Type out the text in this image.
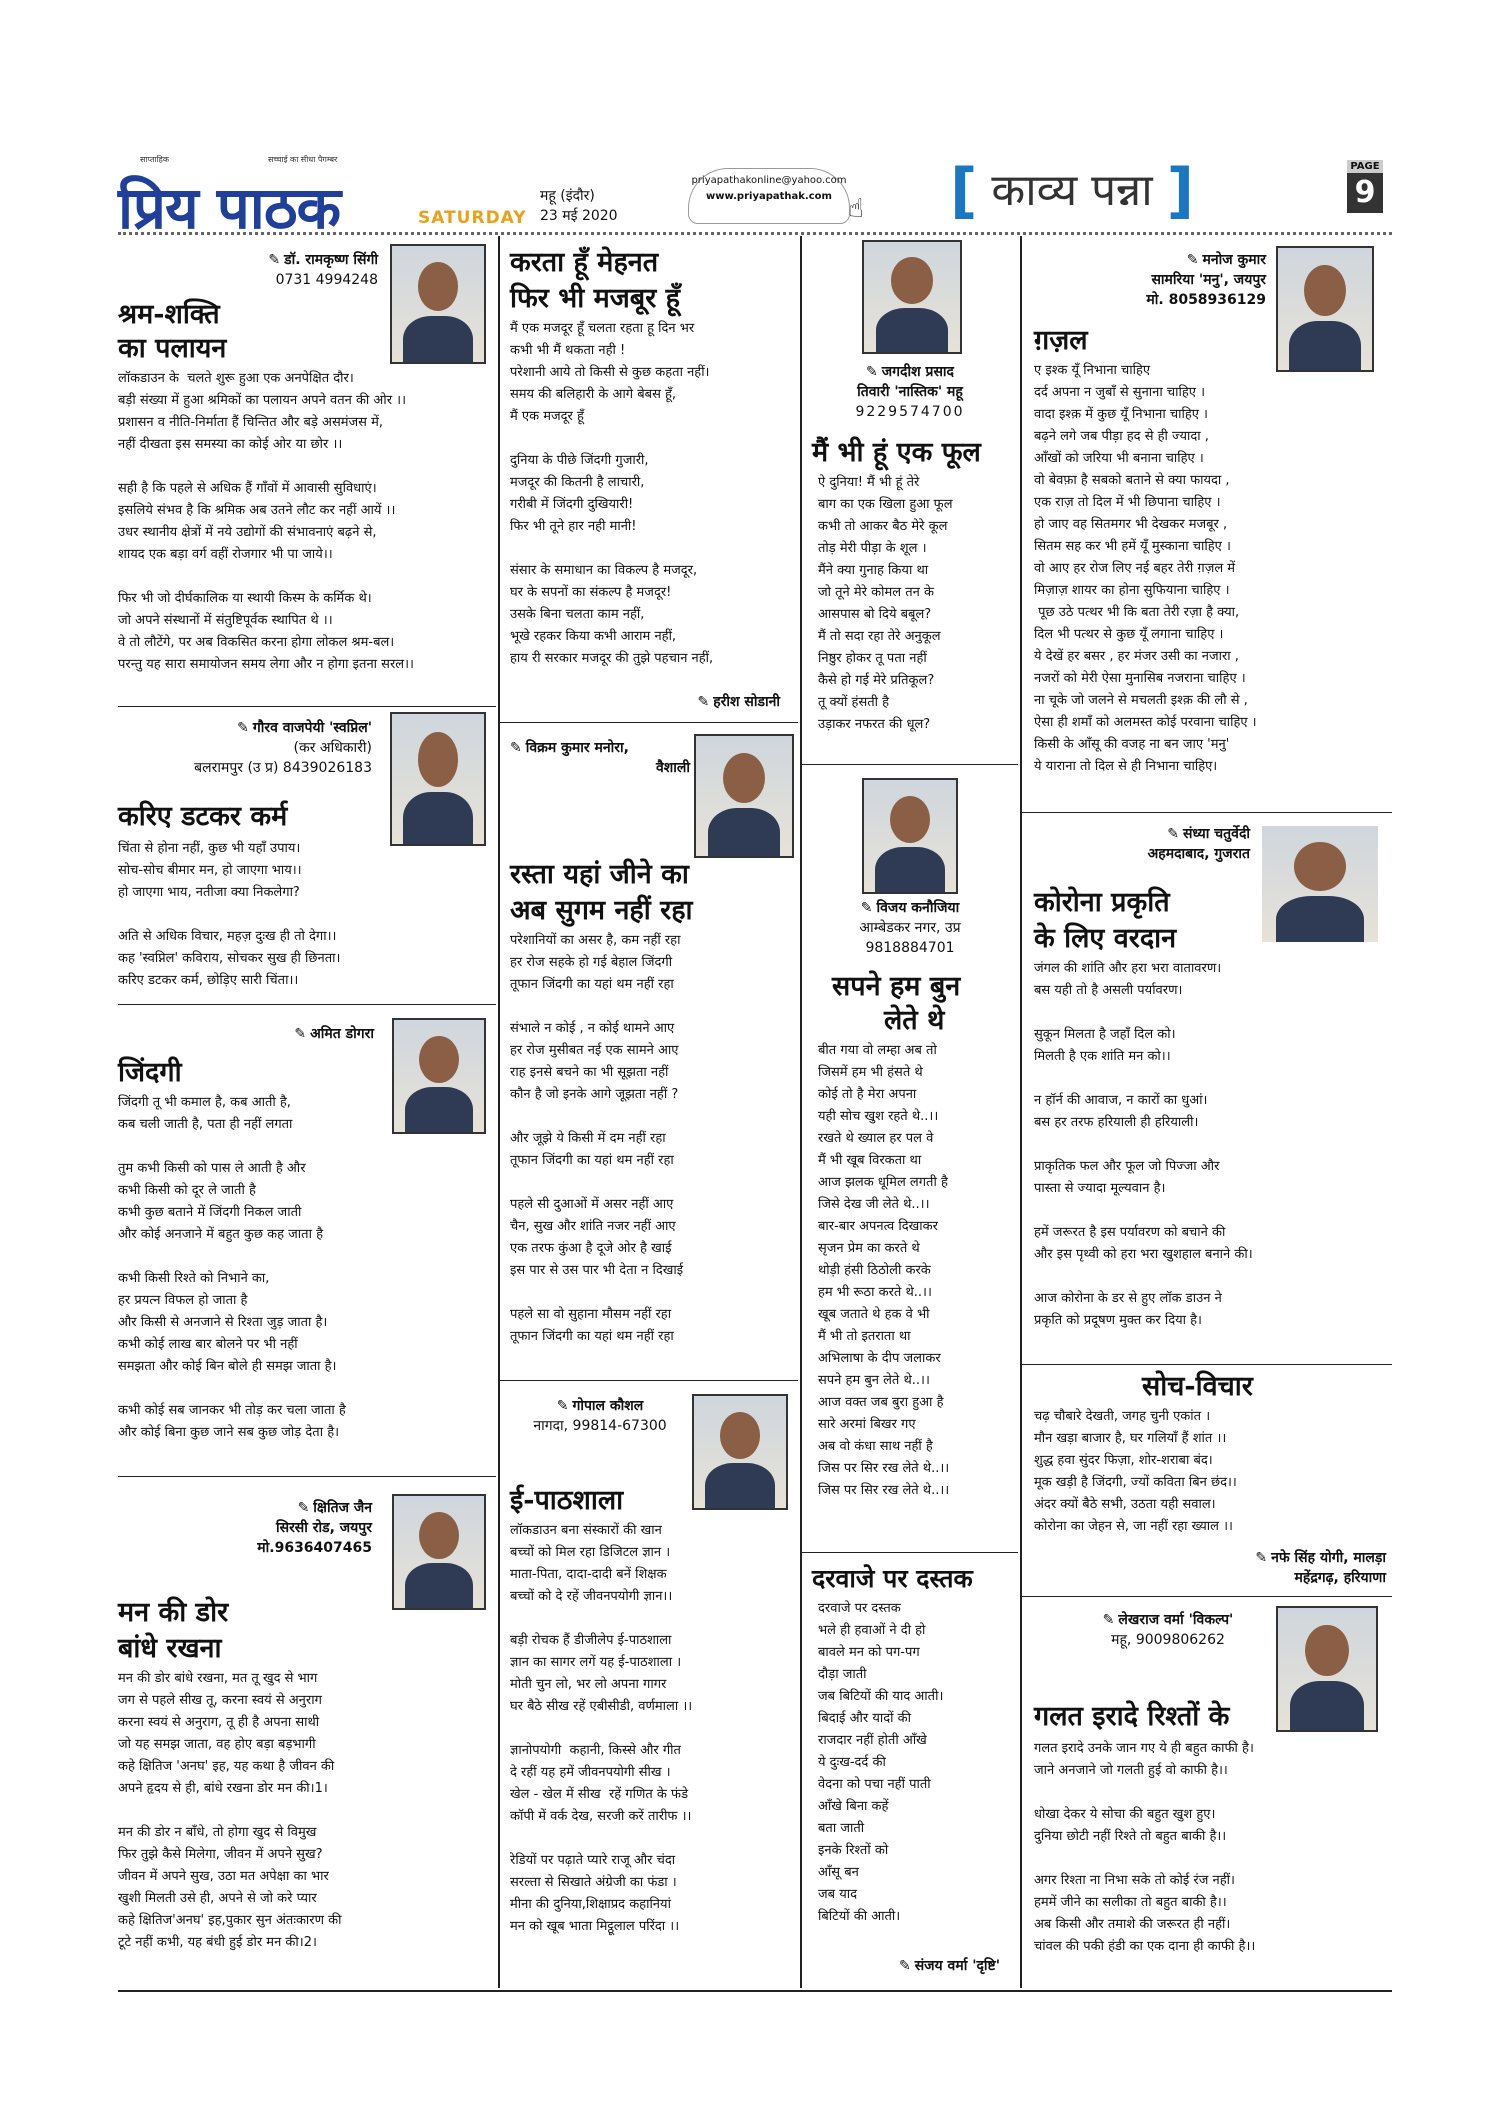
साप्ताहिक	सच्चाई का सीधा पैगम्बर
प्रिय पाठक	SATURDAY
महू (इंदौर)
23 मई 2020
priyapathakonline@yahoo.com
www.priyapathak.com ☝ [ काव्य पन्ना ]	PAGE
9
✎ डॉ. रामकृष्ण सिंगी
0731 4994248
श्रम-शक्ति
का पलायन
लॉकडाउन के  चलते शुरू हुआ एक अनपेक्षित दौर।
बड़ी संख्या में हुआ श्रमिकों का पलायन अपने वतन की ओर ।।
प्रशासन व नीति-निर्माता हैं चिन्तित और बड़े असमंजस में,
नहीं दीखता इस समस्या का कोई ओर या छोर ।।

सही है कि पहले से अधिक हैं गाँवों में आवासी सुविधाएं।
इसलिये संभव है कि श्रमिक अब उतने लौट कर नहीं आयें ।।
उधर स्थानीय क्षेत्रों में नये उद्योगों की संभावनाएं बढ़ने से,
शायद एक बड़ा वर्ग वहीं रोजगार भी पा जाये।।

फिर भी जो दीर्घकालिक या स्थायी किस्म के कर्मिक थे।
जो अपने संस्थानों में संतुष्टिपूर्वक स्थापित थे ।।
वे तो लौटेंगे, पर अब विकसित करना होगा लोकल श्रम-बल।
परन्तु यह सारा समायोजन समय लेगा और न होगा इतना सरल।।
✎ गौरव वाजपेयी 'स्वप्निल'
(कर अधिकारी)
बलरामपुर (उ प्र) 8439026183
करिए डटकर कर्म
चिंता से होना नहीं, कुछ भी यहाँ उपाय।
सोच-सोच बीमार मन, हो जाएगा भाय।।
हो जाएगा भाय, नतीजा क्या निकलेगा?

अति से अधिक विचार, महज़ दुःख ही तो देगा।।
कह 'स्वप्निल' कविराय, सोचकर सुख ही छिनता।
करिए डटकर कर्म, छोड़िए सारी चिंता।।
✎ अमित डोगरा
जिंदगी
जिंदगी तू भी कमाल है, कब आती है,
कब चली जाती है, पता ही नहीं लगता

तुम कभी किसी को पास ले आती है और
कभी किसी को दूर ले जाती है
कभी कुछ बताने में जिंदगी निकल जाती
और कोई अनजाने में बहुत कुछ कह जाता है

कभी किसी रिश्ते को निभाने का,
हर प्रयत्न विफल हो जाता है
और किसी से अनजाने से रिश्ता जुड़ जाता है।
कभी कोई लाख बार बोलने पर भी नहीं
समझता और कोई बिन बोले ही समझ जाता है।

कभी कोई सब जानकर भी तोड़ कर चला जाता है
और कोई बिना कुछ जाने सब कुछ जोड़ देता है।
✎ क्षितिज जैन
सिरसी रोड, जयपुर
मो.9636407465
मन की डोर
बांधे रखना
मन की डोर बांधे रखना, मत तू खुद से भाग
जग से पहले सीख तू, करना स्वयं से अनुराग
करना स्वयं से अनुराग, तू ही है अपना साथी
जो यह समझ जाता, वह होए बड़ा बड़भागी
कहे क्षितिज 'अनघ' इह, यह कथा है जीवन की
अपने हृदय से ही, बांधे रखना डोर मन की।1।

मन की डोर न बाँधे, तो होगा खुद से विमुख
फिर तुझे कैसे मिलेगा, जीवन में अपने सुख?
जीवन में अपने सुख, उठा मत अपेक्षा का भार
खुशी मिलती उसे ही, अपने से जो करे प्यार
कहे क्षितिज'अनघ' इह,पुकार सुन अंतःकारण की
टूटे नहीं कभी, यह बंधी हुई डोर मन की।2।
करता हूँ मेहनत
फिर भी मजबूर हूँ
मैं एक मजदूर हूँ चलता रहता हू दिन भर
कभी भी मैं थकता नही !
परेशानी आये तो किसी से कुछ कहता नहीं।
समय की बलिहारी के आगे बेबस हूँ,
मैं एक मजदूर हूँ

दुनिया के पीछे जिंदगी गुजारी,
मजदूर की कितनी है लाचारी,
गरीबी में जिंदगी दुखियारी!
फिर भी तूने हार नही मानी!

संसार के समाधान का विकल्प है मजदूर,
घर के सपनों का संकल्प है मजदूर!
उसके बिना चलता काम नहीं,
भूखे रहकर किया कभी आराम नहीं,
हाय री सरकार मजदूर की तुझे पहचान नहीं,
✎ हरीश सोडानी
✎ विक्रम कुमार मनोरा,
वैशाली
रस्ता यहां जीने का
अब सुगम नहीं रहा
परेशानियों का असर है, कम नहीं रहा
हर रोज सहके हो गई बेहाल जिंदगी
तूफान जिंदगी का यहां थम नहीं रहा

संभाले न कोई , न कोई थामने आए
हर रोज मुसीबत नई एक सामने आए
राह इनसे बचने का भी सूझता नहीं
कौन है जो इनके आगे जूझता नहीं ?

और जूझे ये किसी में दम नहीं रहा
तूफान जिंदगी का यहां थम नहीं रहा

पहले सी दुआओं में असर नहीं आए
चैन, सुख और शांति नजर नहीं आए
एक तरफ कुंआ है दूजे ओर है खाई
इस पार से उस पार भी देता न दिखाई

पहले सा वो सुहाना मौसम नहीं रहा
तूफान जिंदगी का यहां थम नहीं रहा
✎ गोपाल कौशल
नागदा, 99814-67300
ई-पाठशाला
लॉकडाउन बना संस्कारों की खान
बच्चों को मिल रहा डिजिटल ज्ञान ।
माता-पिता, दादा-दादी बनें शिक्षक
बच्चों को दे रहें जीवनपयोगी ज्ञान।।

बड़ी रोचक हैं डीजीलेप ई-पाठशाला
ज्ञान का सागर लगें यह ई-पाठशाला ।
मोती चुन लो, भर लो अपना गागर
घर बैठे सीख रहें एबीसीडी, वर्णमाला ।।

ज्ञानोपयोगी  कहानी, किस्से और गीत
दे रहीं यह हमें जीवनपयोगी सीख ।
खेल - खेल में सीख  रहें गणित के फंडे
कॉपी में वर्क देख, सरजी करें तारीफ ।।

रेडियों पर पढ़ाते प्यारे राजू और चंदा
सरल्ता से सिखाते अंग्रेजी का फंडा ।
मीना की दुनिया,शिक्षाप्रद कहानियां
मन को खूब भाता मिट्ठूलाल परिंदा ।।
✎ जगदीश प्रसाद
तिवारी 'नास्तिक' महू
9229574700
मैं भी हूं एक फूल
ऐ दुनिया! मैं भी हूं तेरे
बाग का एक खिला हुआ फूल
कभी तो आकर बैठ मेरे कूल
तोड़ मेरी पीड़ा के शूल ।
मैंने क्या गुनाह किया था
जो तूने मेरे कोमल तन के
आसपास बो दिये बबूल?
मैं तो सदा रहा तेरे अनुकूल
निष्ठुर होकर तू पता नहीं
कैसे हो गई मेरे प्रतिकूल?
तू क्यों हंसती है
उड़ाकर नफरत की धूल?
✎ विजय कनौजिया
आम्बेडकर नगर, उप्र
9818884701
सपने हम बुन
लेते थे
बीत गया वो लम्हा अब तो
जिसमें हम भी हंसते थे
कोई तो है मेरा अपना
यही सोच खुश रहते थे..।।
रखते थे ख्याल हर पल वे
मैं भी खूब विरकता था
आज झलक धूमिल लगती है
जिसे देख जी लेते थे..।।
बार-बार अपनत्व दिखाकर
सृजन प्रेम का करते थे
थोड़ी हंसी ठिठोली करके
हम भी रूठा करते थे..।।
खूब जताते थे हक वे भी
मैं भी तो इतराता था
अभिलाषा के दीप जलाकर
सपने हम बुन लेते थे..।।
आज वक्त जब बुरा हुआ है
सारे अरमां बिखर गए
अब वो कंधा साथ नहीं है
जिस पर सिर रख लेते थे..।।
जिस पर सिर रख लेते थे..।।
दरवाजे पर दस्तक
दरवाजे पर दस्तक
भले ही हवाओं ने दी हो
बावले मन को पग-पग
दौड़ा जाती
जब बिटियों की याद आती।
बिदाई और यादों की
राजदार नहीं होती आँखे
ये दुःख-दर्द की
वेदना को पचा नहीं पाती
आँखे बिना कहें
बता जाती
इनके रिश्तों को
आँसू बन
जब याद
बिटियों की आती।
✎ संजय वर्मा 'दृष्टि'
✎ मनोज कुमार
सामरिया 'मनु', जयपुर
मो. 8058936129
ग़ज़ल
ए इश्क यूँ निभाना चाहिए
दर्द अपना न जुबाँ से सुनाना चाहिए ।
वादा इश्क़ में कुछ यूँ निभाना चाहिए ।
बढ़ने लगे जब पीड़ा हद से ही ज्यादा ,
आँखों को जरिया भी बनाना चाहिए ।
वो बेवफ़ा है सबको बताने से क्या फायदा ,
एक राज़ तो दिल में भी छिपाना चाहिए ।
हो जाए वह सितमगर भी देखकर मजबूर ,
सितम सह कर भी हमें यूँ मुस्काना चाहिए ।
वो आए हर रोज लिए नई बहर तेरी ग़ज़ल में
मिज़ाज़ शायर का होना सुफियाना चाहिए ।
पूछ उठे पत्थर भी कि बता तेरी रज़ा है क्या,
दिल भी पत्थर से कुछ यूँ लगाना चाहिए ।
ये देखें हर बसर , हर मंजर उसी का नजारा ,
नजरों को मेरी ऐसा मुनासिब नजराना चाहिए ।
ना चूके जो जलने से मचलती इश्क़ की लौ से ,
ऐसा ही शमाँ को अलमस्त कोई परवाना चाहिए ।
किसी के आँसू की वजह ना बन जाए 'मनु'
ये याराना तो दिल से ही निभाना चाहिए।
✎ संध्या चतुर्वेदी
अहमदाबाद, गुजरात
कोरोना प्रकृति
के लिए वरदान
जंगल की शांति और हरा भरा वातावरण।
बस यही तो है असली पर्यावरण।

सुकून मिलता है जहाँ दिल को।
मिलती है एक शांति मन को।।

न हॉर्न की आवाज, न कारों का धुआं।
बस हर तरफ हरियाली ही हरियाली।

प्राकृतिक फल और फूल जो पिज्जा और
पास्ता से ज्यादा मूल्यवान है।

हमें जरूरत है इस पर्यावरण को बचाने की
और इस पृथ्वी को हरा भरा खुशहाल बनाने की।

आज कोरोना के डर से हुए लॉक डाउन ने
प्रकृति को प्रदूषण मुक्त कर दिया है।
सोच-विचार
चढ़ चौबारे देखती, जगह चुनी एकांत ।
मौन खड़ा बाजार है, घर गलियाँ हैं शांत ।।
शुद्ध हवा सुंदर फिज़ा, शोर-शराबा बंद।
मूक खड़ी है जिंदगी, ज्यों कविता बिन छंद।।
अंदर क्यों बैठे सभी, उठता यही सवाल।
कोरोना का जेहन से, जा नहीं रहा ख्याल ।।
✎ नफे सिंह योगी, मालड़ा
महेंद्रगढ़, हरियाणा
✎ लेखराज वर्मा 'विकल्प'
महू, 9009806262
गलत इरादे रिश्तों के
गलत इरादे उनके जान गए ये ही बहुत काफी है।
जाने अनजाने जो गलती हुई वो काफी है।।

धोखा देकर ये सोचा की बहुत खुश हुए।
दुनिया छोटी नहीं रिश्ते तो बहुत बाकी है।।

अगर रिश्ता ना निभा सके तो कोई रंज नहीं।
हममें जीने का सलीका तो बहुत बाकी है।।
अब किसी और तमाशे की जरूरत ही नहीं।
चांवल की पकी हंडी का एक दाना ही काफी है।।
